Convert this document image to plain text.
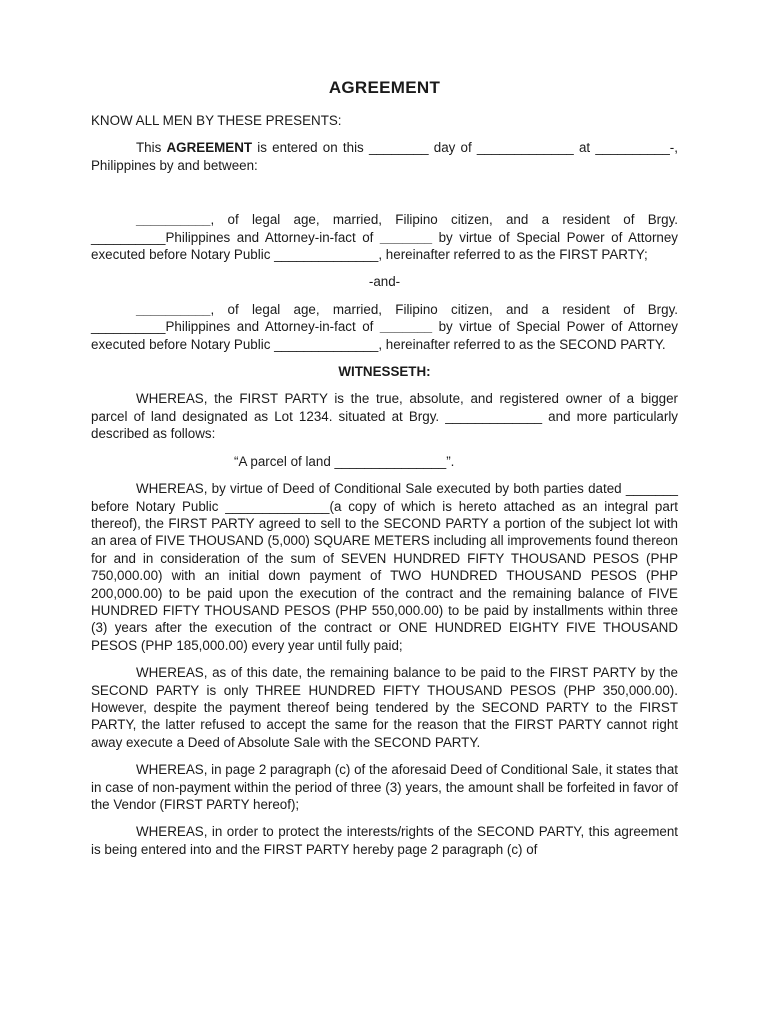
AGREEMENT

KNOW ALL MEN BY THESE PRESENTS:

This AGREEMENT is entered on this ________ day of _____________ at __________-, Philippines by and between:

__________, of legal age, married, Filipino citizen, and a resident of Brgy. __________Philippines and Attorney-in-fact of _______ by virtue of Special Power of Attorney executed before Notary Public ______________, hereinafter referred to as the FIRST PARTY;

-and-

__________, of legal age, married, Filipino citizen, and a resident of Brgy. __________Philippines and Attorney-in-fact of _______ by virtue of Special Power of Attorney executed before Notary Public ______________, hereinafter referred to as the SECOND PARTY.

WITNESSETH:

WHEREAS, the FIRST PARTY is the true, absolute, and registered owner of a bigger parcel of land designated as Lot 1234. situated at Brgy. _____________ and more particularly described as follows:

“A parcel of land _______________”.

WHEREAS, by virtue of Deed of Conditional Sale executed by both parties dated _______ before Notary Public ______________(a copy of which is hereto attached as an integral part thereof), the FIRST PARTY agreed to sell to the SECOND PARTY a portion of the subject lot with an area of FIVE THOUSAND (5,000) SQUARE METERS including all improvements found thereon for and in consideration of the sum of SEVEN HUNDRED FIFTY THOUSAND PESOS (PHP 750,000.00) with an initial down payment of TWO HUNDRED THOUSAND PESOS (PHP 200,000.00) to be paid upon the execution of the contract and the remaining balance of FIVE HUNDRED FIFTY THOUSAND PESOS (PHP 550,000.00) to be paid by installments within three (3) years after the execution of the contract or ONE HUNDRED EIGHTY FIVE THOUSAND PESOS (PHP 185,000.00) every year until fully paid;

WHEREAS, as of this date, the remaining balance to be paid to the FIRST PARTY by the SECOND PARTY is only THREE HUNDRED FIFTY THOUSAND PESOS (PHP 350,000.00). However, despite the payment thereof being tendered by the SECOND PARTY to the FIRST PARTY, the latter refused to accept the same for the reason that the FIRST PARTY cannot right away execute a Deed of Absolute Sale with the SECOND PARTY.

WHEREAS, in page 2 paragraph (c) of the aforesaid Deed of Conditional Sale, it states that in case of non-payment within the period of three (3) years, the amount shall be forfeited in favor of the Vendor (FIRST PARTY hereof);

WHEREAS, in order to protect the interests/rights of the SECOND PARTY, this agreement is being entered into and the FIRST PARTY hereby page 2 paragraph (c) of
